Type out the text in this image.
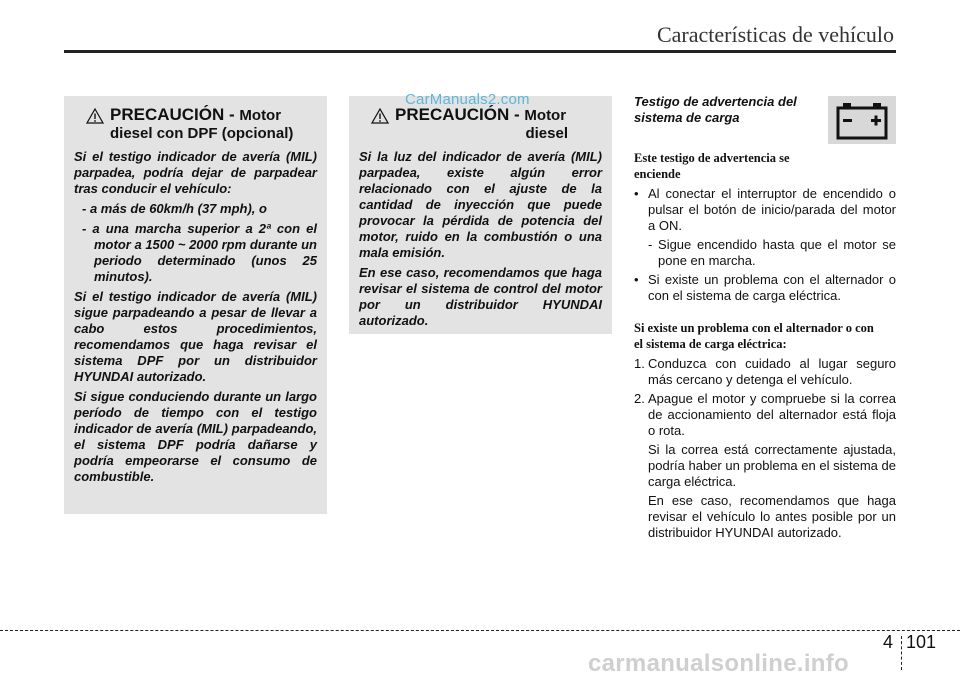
Características de vehículo
PRECAUCIÓN - Motor
diesel con DPF (opcional)

Si el testigo indicador de avería (MIL) parpadea, podría dejar de parpadear tras conducir el vehículo:

- a más de 60km/h (37 mph), o

- a una marcha superior a 2ª con el motor a 1500 ~ 2000 rpm durante un periodo determinado (unos 25 minutos).

Si el testigo indicador de avería (MIL) sigue parpadeando a pesar de llevar a cabo estos procedimientos, recomendamos que haga revisar el sistema DPF por un distribuidor HYUNDAI autorizado.

Si sigue conduciendo durante un largo período de tiempo con el testigo indicador de avería (MIL) parpadeando, el sistema DPF podría dañarse y podría empeorarse el consumo de combustible.

PRECAUCIÓN - Motor
diesel

Si la luz del indicador de avería (MIL) parpadea, existe algún error relacionado con el ajuste de la cantidad de inyección que puede provocar la pérdida de potencia del motor, ruido en la combustión o una mala emisión.

En ese caso, recomendamos que haga revisar el sistema de control del motor por un distribuidor HYUNDAI autorizado.

CarManuals2.com	Testigo de advertencia del sistema de carga
Este testigo de advertencia se enciende
• Al conectar el interruptor de encendido o pulsar el botón de inicio/parada del motor a ON.
- Sigue encendido hasta que el motor se pone en marcha.
• Si existe un problema con el alternador o con el sistema de carga eléctrica.
Si existe un problema con el alternador o con el sistema de carga eléctrica:
1. Conduzca con cuidado al lugar seguro más cercano y detenga el vehículo.
2. Apague el motor y compruebe si la correa de accionamiento del alternador está floja o rota.
Si la correa está correctamente ajustada, podría haber un problema en el sistema de carga eléctrica.
En ese caso, recomendamos que haga revisar el vehículo lo antes posible por un distribuidor HYUNDAI autorizado.
4 101
carmanualsonline.info
